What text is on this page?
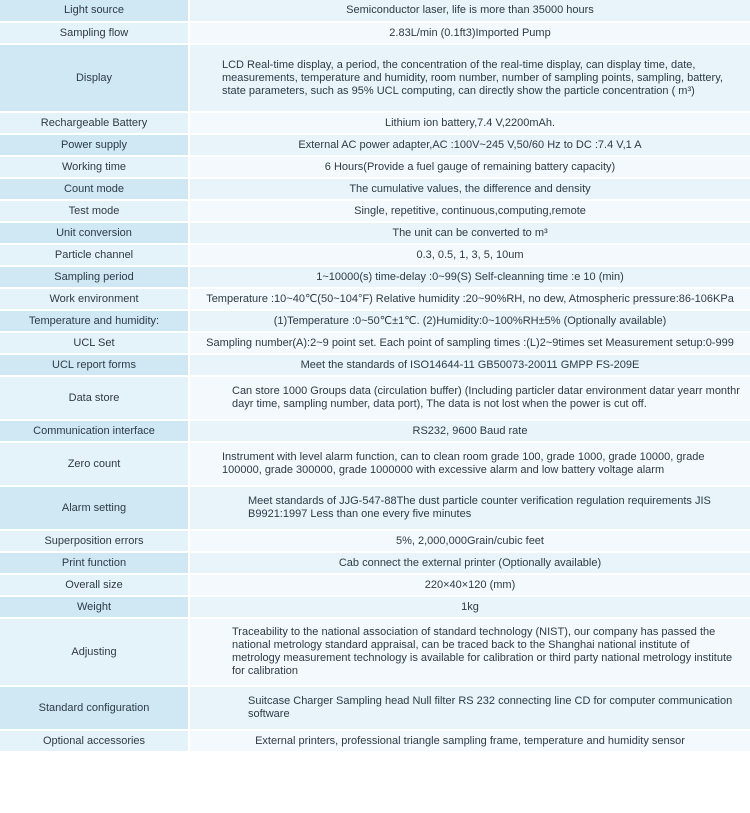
Light source	Semiconductor laser, life is more than 35000 hours

Sampling flow	2.83L/min (0.1ft3)Imported Pump

Display	LCD Real-time display, a period, the concentration of the real-time display, can display time, date, measurements, temperature and humidity, room number, number of sampling points, sampling, battery, state parameters, such as 95% UCL computing, can directly show the particle concentration ( m³)

Rechargeable Battery	Lithium ion battery,7.4 V,2200mAh.

Power supply	External AC power adapter,AC :100V~245 V,50/60 Hz to DC :7.4 V,1 A

Working time	6 Hours(Provide a fuel gauge of remaining battery capacity)

Count mode	The cumulative values, the difference and density

Test mode	Single, repetitive, continuous,computing,remote

Unit conversion	The unit can be converted to m³

Particle channel	0.3, 0.5, 1, 3, 5, 10um

Sampling period	1~10000(s) time-delay :0~99(S) Self-cleanning time :e 10 (min)

Work environment	Temperature :10~40℃(50~104°F) Relative humidity :20~90%RH, no dew, Atmospheric pressure:86-106KPa

Temperature and humidity:	(1)Temperature :0~50℃±1℃. (2)Humidity:0~100%RH±5% (Optionally available)

UCL Set	Sampling number(A):2~9 point set. Each point of sampling times :(L)2~9times set Measurement setup:0-999

UCL report forms	Meet the standards of ISO14644-11 GB50073-20011 GMPP FS-209E

Data store	Can store 1000 Groups data (circulation buffer) (Including particler datar environment datar yearr monthr dayr time, sampling number, data port), The data is not lost when the power is cut off.

Communication interface	RS232, 9600 Baud rate

Zero count	Instrument with level alarm function, can to clean room grade 100, grade 1000, grade 10000, grade 100000, grade 300000, grade 1000000 with excessive alarm and low battery voltage alarm

Alarm setting	Meet standards of JJG-547-88The dust particle counter verification regulation requirements JIS B9921:1997 Less than one every five minutes

Superposition errors	5%, 2,000,000Grain/cubic feet

Print function	Cab connect the external printer (Optionally available)

Overall size	220×40×120 (mm)

Weight	1kg

Adjusting	Traceability to the national association of standard technology (NIST), our company has passed the national metrology standard appraisal, can be traced back to the Shanghai national institute of metrology measurement technology is available for calibration or third party national metrology institute for calibration

Standard configuration	Suitcase Charger Sampling head Null filter RS 232 connecting line CD for computer communication software

Optional accessories	External printers, professional triangle sampling frame, temperature and humidity sensor
